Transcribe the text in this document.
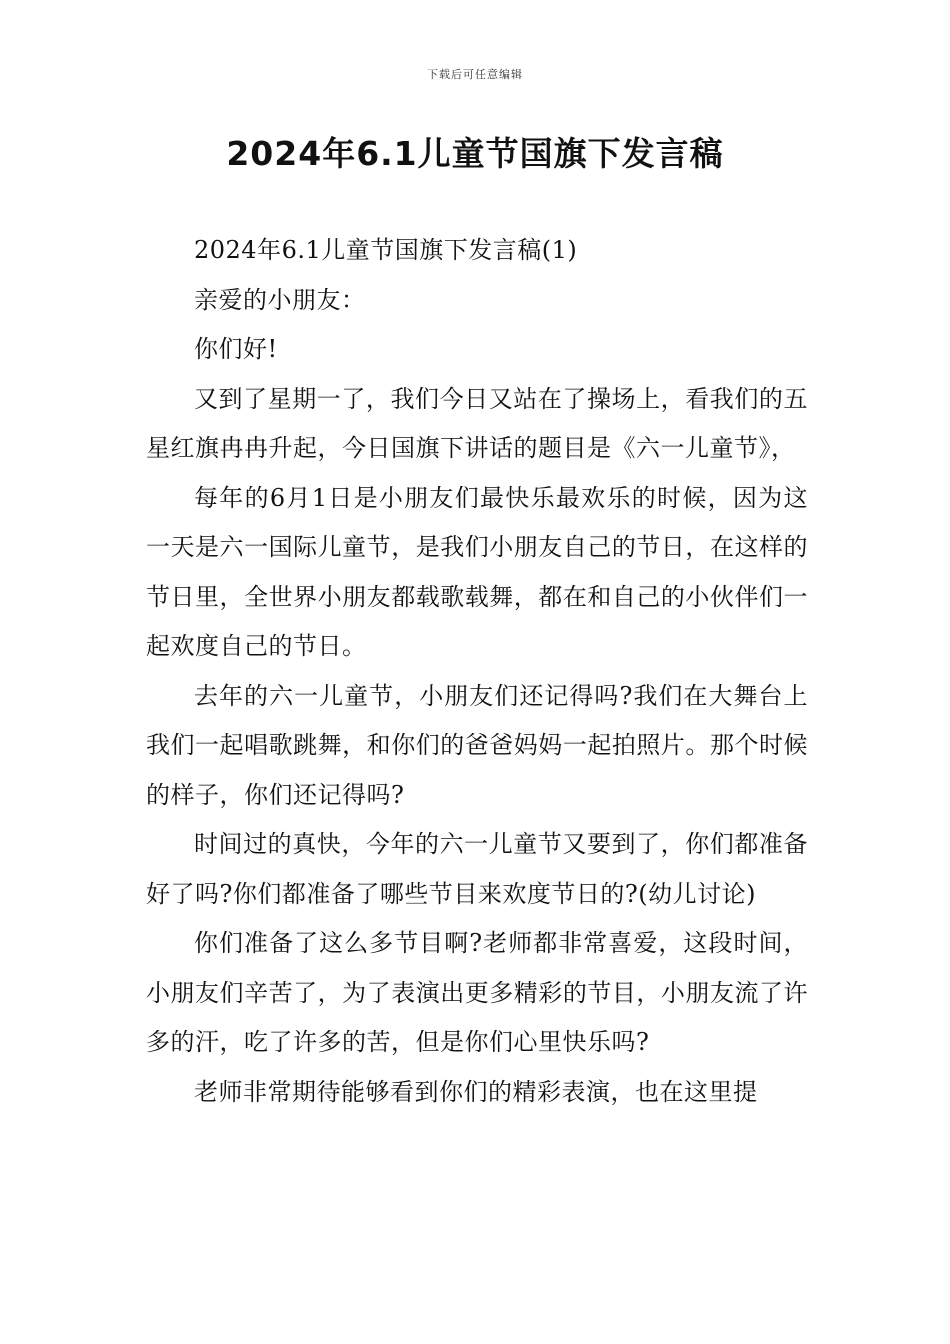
下载后可任意编辑
2024年6.1儿童节国旗下发言稿

2024年6.1儿童节国旗下发言稿(1)

亲爱的小朋友：

你们好!

又到了星期一了，我们今日又站在了操场上，看我们的五星红旗冉冉升起，今日国旗下讲话的题目是《六一儿童节》，

每年的6月1日是小朋友们最快乐最欢乐的时候，因为这一天是六一国际儿童节，是我们小朋友自己的节日，在这样的节日里，全世界小朋友都载歌载舞，都在和自己的小伙伴们一起欢度自己的节日。

去年的六一儿童节，小朋友们还记得吗?我们在大舞台上我们一起唱歌跳舞，和你们的爸爸妈妈一起拍照片。那个时候的样子，你们还记得吗?

时间过的真快，今年的六一儿童节又要到了，你们都准备好了吗?你们都准备了哪些节目来欢度节日的?(幼儿讨论)

你们准备了这么多节目啊?老师都非常喜爱，这段时间，小朋友们辛苦了，为了表演出更多精彩的节目，小朋友流了许多的汗，吃了许多的苦，但是你们心里快乐吗?

老师非常期待能够看到你们的精彩表演，也在这里提
